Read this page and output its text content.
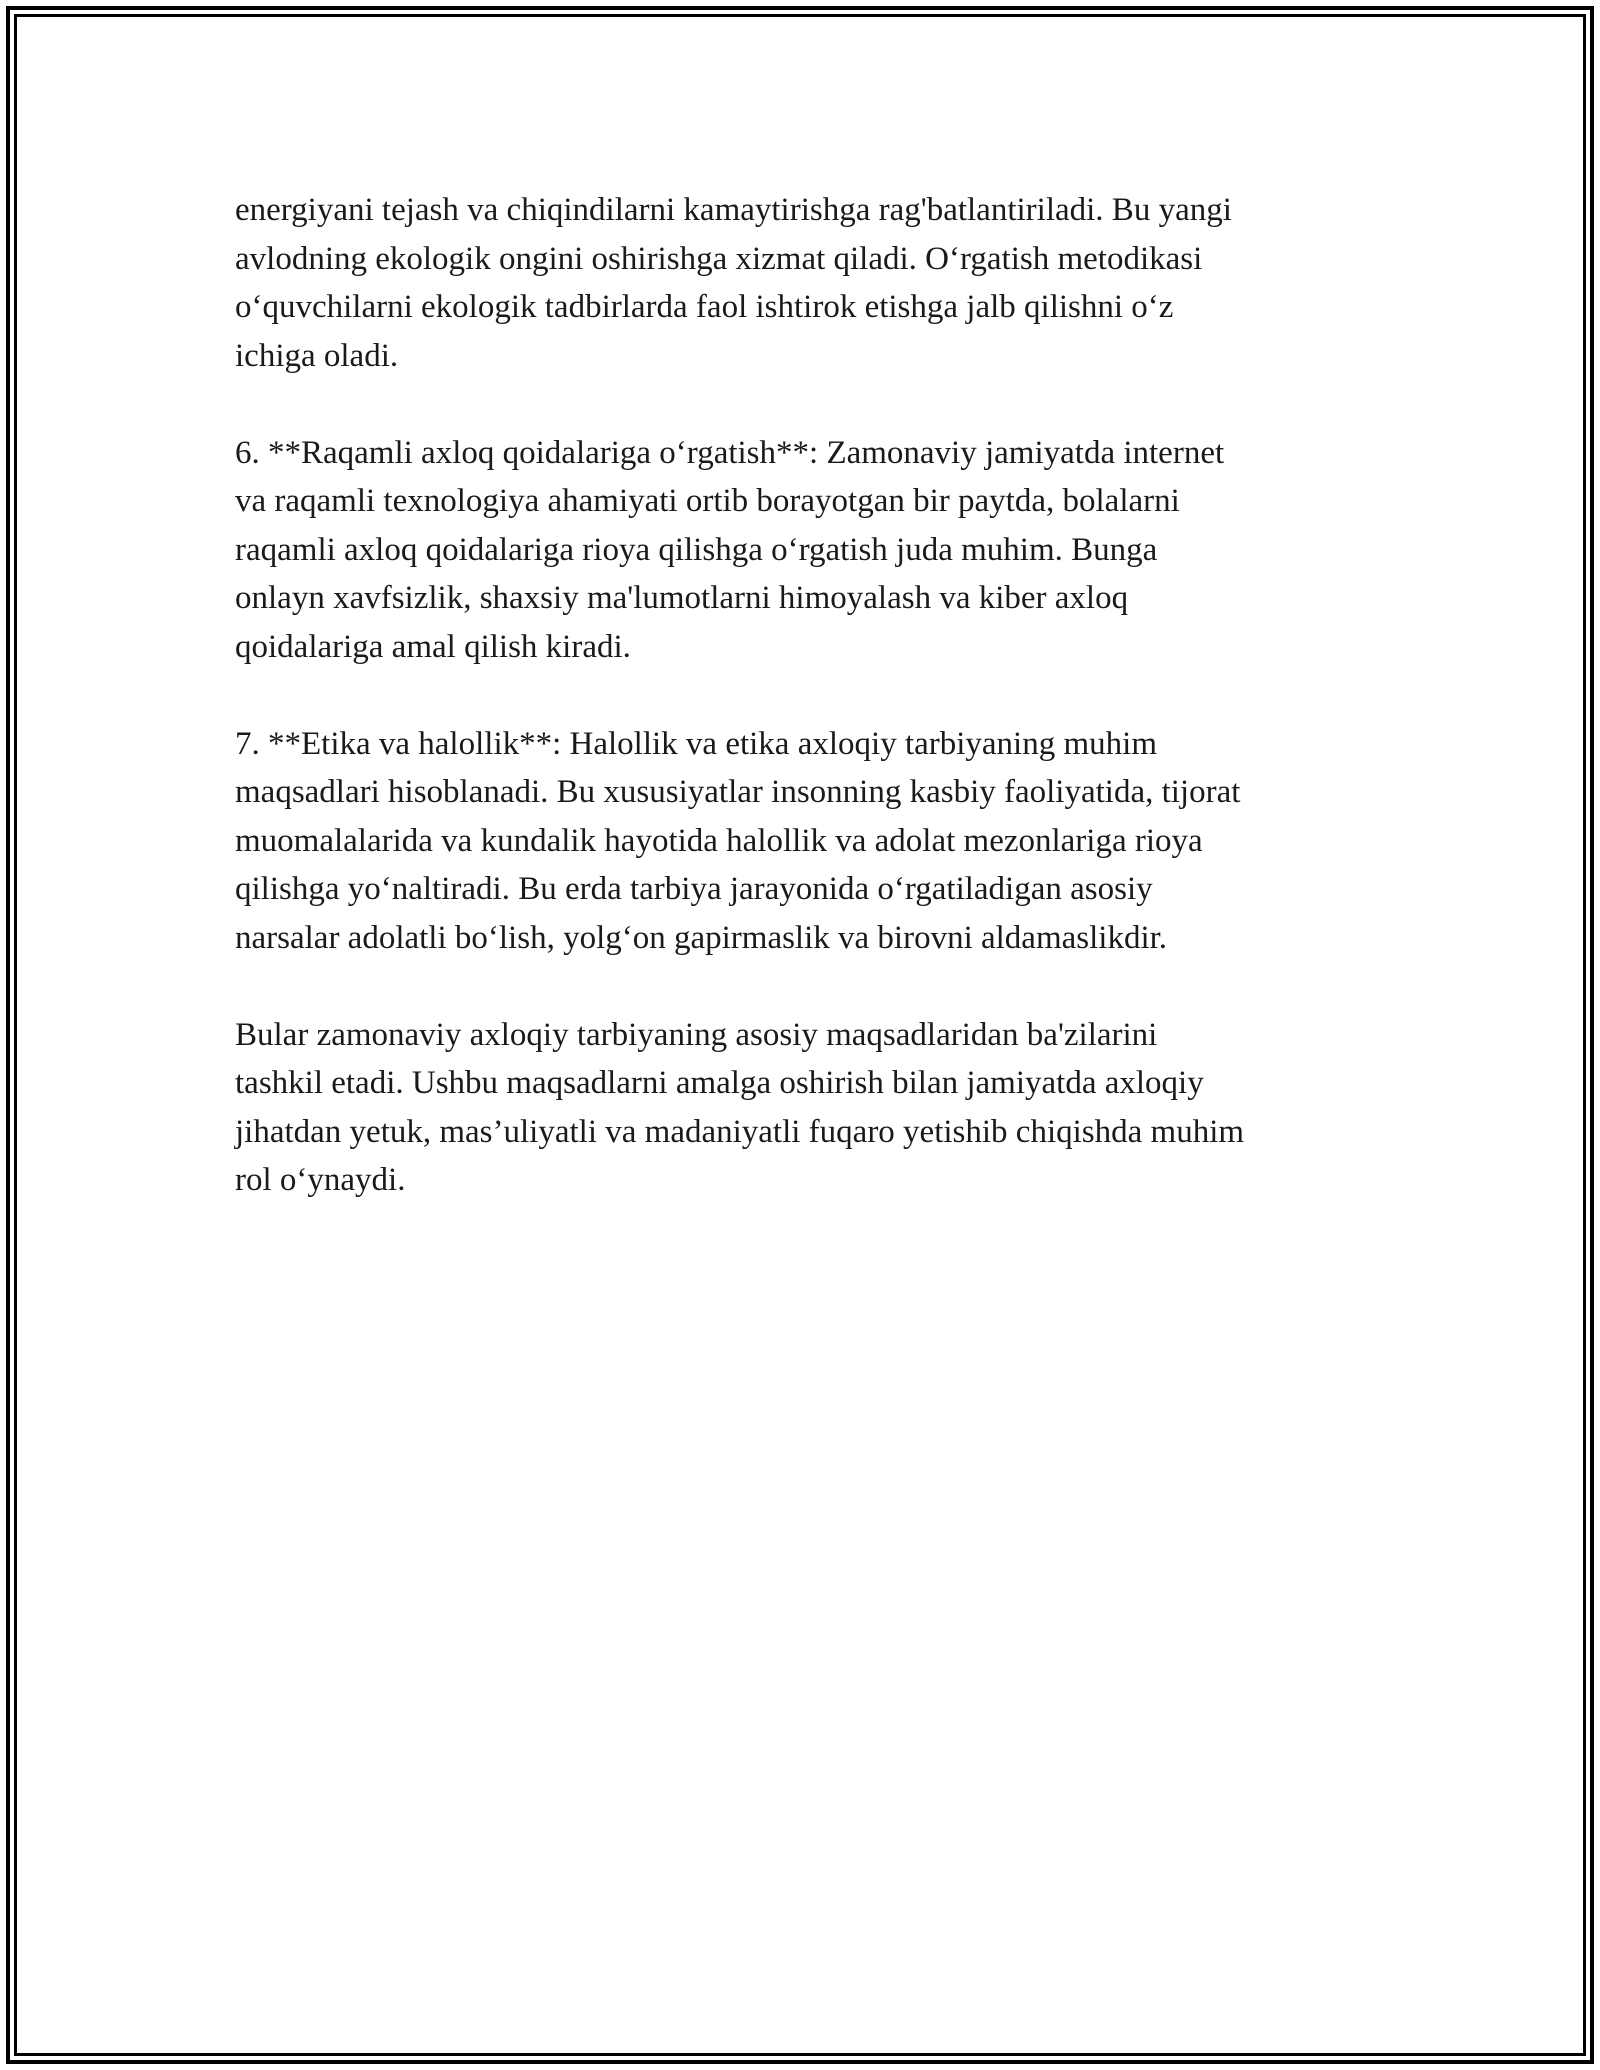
energiyani tejash va chiqindilarni kamaytirishga rag'batlantiriladi. Bu yangi
avlodning ekologik ongini oshirishga xizmat qiladi. O‘rgatish metodikasi
o‘quvchilarni ekologik tadbirlarda faol ishtirok etishga jalb qilishni o‘z
ichiga oladi.

6. **Raqamli axloq qoidalariga o‘rgatish**: Zamonaviy jamiyatda internet
va raqamli texnologiya ahamiyati ortib borayotgan bir paytda, bolalarni
raqamli axloq qoidalariga rioya qilishga o‘rgatish juda muhim. Bunga
onlayn xavfsizlik, shaxsiy ma'lumotlarni himoyalash va kiber axloq
qoidalariga amal qilish kiradi.

7. **Etika va halollik**: Halollik va etika axloqiy tarbiyaning muhim
maqsadlari hisoblanadi. Bu xususiyatlar insonning kasbiy faoliyatida, tijorat
muomalalarida va kundalik hayotida halollik va adolat mezonlariga rioya
qilishga yo‘naltiradi. Bu erda tarbiya jarayonida o‘rgatiladigan asosiy
narsalar adolatli bo‘lish, yolg‘on gapirmaslik va birovni aldamaslikdir.

Bular zamonaviy axloqiy tarbiyaning asosiy maqsadlaridan ba'zilarini
tashkil etadi. Ushbu maqsadlarni amalga oshirish bilan jamiyatda axloqiy
jihatdan yetuk, mas’uliyatli va madaniyatli fuqaro yetishib chiqishda muhim
rol o‘ynaydi.
